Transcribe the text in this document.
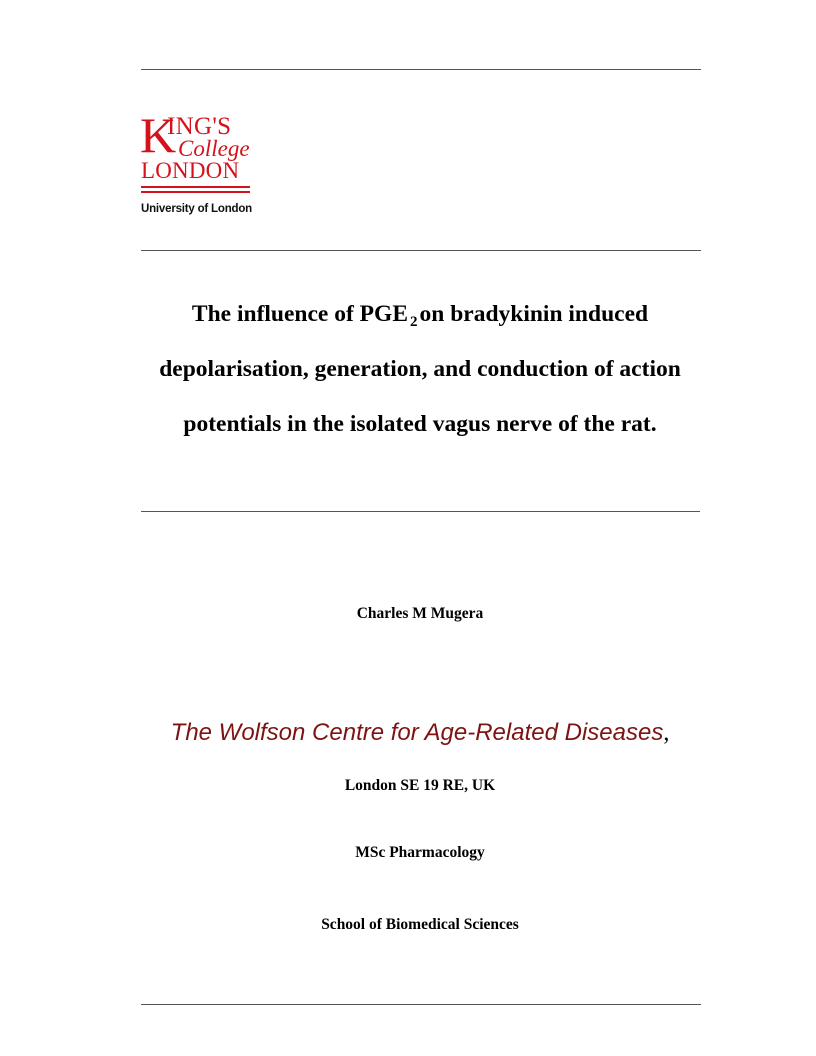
K
ING'S
College
LONDON
University of London
The influence of PGE $_2$on bradykinin induced
depolarisation, generation, and conduction of action
potentials in the isolated vagus nerve of the rat.
Charles M Mugera
The Wolfson Centre for Age-Related Diseases,
London SE 19 RE, UK
MSc Pharmacology
School of Biomedical Sciences
